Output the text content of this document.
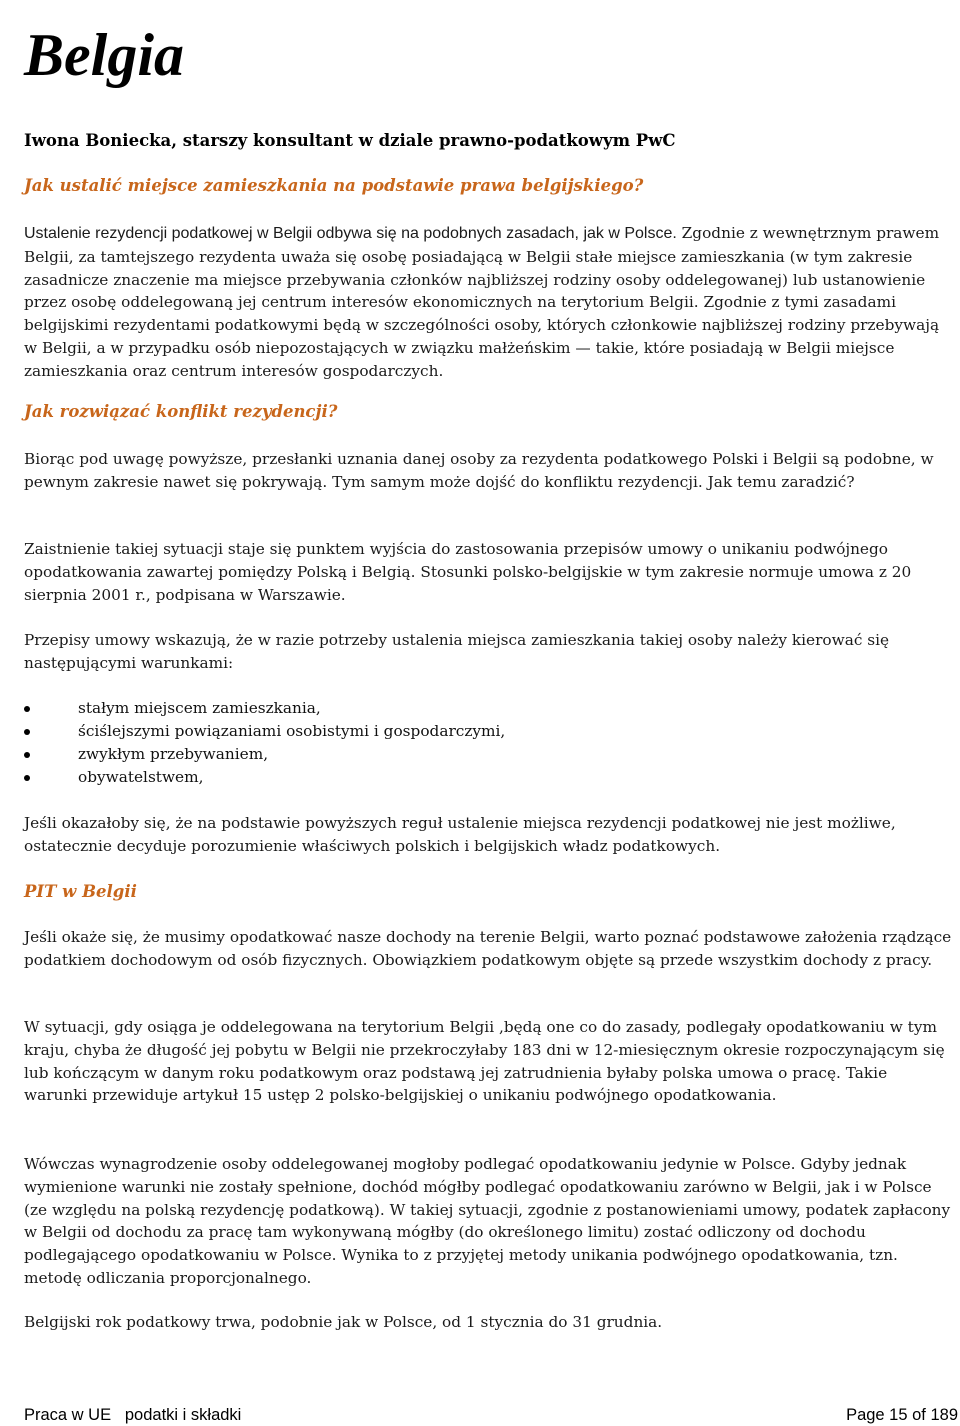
Belgia

Iwona Boniecka, starszy konsultant w dziale prawno-podatkowym PwC

Jak ustalić miejsce zamieszkania na podstawie prawa belgijskiego?

Ustalenie rezydencji podatkowej w Belgii odbywa się na podobnych zasadach, jak w Polsce. Zgodnie z wewnętrznym prawem Belgii, za tamtejszego rezydenta uważa się osobę posiadającą w Belgii stałe miejsce zamieszkania (w tym zakresie zasadnicze znaczenie ma miejsce przebywania członków najbliższej rodziny osoby oddelegowanej) lub ustanowienie przez osobę oddelegowaną jej centrum interesów ekonomicznych na terytorium Belgii. Zgodnie z tymi zasadami belgijskimi rezydentami podatkowymi będą w szczególności osoby, których członkowie najbliższej rodziny przebywają w Belgii, a w przypadku osób niepozostających w związku małżeńskim — takie, które posiadają w Belgii miejsce zamieszkania oraz centrum interesów gospodarczych.

Jak rozwiązać konflikt rezydencji?

Biorąc pod uwagę powyższe, przesłanki uznania danej osoby za rezydenta podatkowego Polski i Belgii są podobne, w pewnym zakresie nawet się pokrywają. Tym samym może dojść do konfliktu rezydencji. Jak temu zaradzić?

Zaistnienie takiej sytuacji staje się punktem wyjścia do zastosowania przepisów umowy o unikaniu podwójnego opodatkowania zawartej pomiędzy Polską i Belgią. Stosunki polsko-belgijskie w tym zakresie normuje umowa z 20 sierpnia 2001 r., podpisana w Warszawie.

Przepisy umowy wskazują, że w razie potrzeby ustalenia miejsca zamieszkania takiej osoby należy kierować się następującymi warunkami:

stałym miejscem zamieszkania,
ściślejszymi powiązaniami osobistymi i gospodarczymi,
zwykłym przebywaniem,
obywatelstwem,

Jeśli okazałoby się, że na podstawie powyższych reguł ustalenie miejsca rezydencji podatkowej nie jest możliwe, ostatecznie decyduje porozumienie właściwych polskich i belgijskich władz podatkowych.

PIT w Belgii

Jeśli okaże się, że musimy opodatkować nasze dochody na terenie Belgii, warto poznać podstawowe założenia rządzące podatkiem dochodowym od osób fizycznych. Obowiązkiem podatkowym objęte są przede wszystkim dochody z pracy.

W sytuacji, gdy osiąga je oddelegowana na terytorium Belgii ,będą one co do zasady, podlegały opodatkowaniu w tym kraju, chyba że długość jej pobytu w Belgii nie przekroczyłaby 183 dni w 12-miesięcznym okresie rozpoczynającym się lub kończącym w danym roku podatkowym oraz podstawą jej zatrudnienia byłaby polska umowa o pracę. Takie warunki przewiduje artykuł 15 ustęp 2 polsko-belgijskiej o unikaniu podwójnego opodatkowania.

Wówczas wynagrodzenie osoby oddelegowanej mogłoby podlegać opodatkowaniu jedynie w Polsce. Gdyby jednak wymienione warunki nie zostały spełnione, dochód mógłby podlegać opodatkowaniu zarówno w Belgii, jak i w Polsce (ze względu na polską rezydencję podatkową). W takiej sytuacji, zgodnie z postanowieniami umowy, podatek zapłacony w Belgii od dochodu za pracę tam wykonywaną mógłby (do określonego limitu) zostać odliczony od dochodu podlegającego opodatkowaniu w Polsce. Wynika to z przyjętej metody unikania podwójnego opodatkowania, tzn. metodę odliczania proporcjonalnego.

Belgijski rok podatkowy trwa, podobnie jak w Polsce, od 1 stycznia do 31 grudnia.

Praca w UE   podatki i składki	Page 15 of 189
